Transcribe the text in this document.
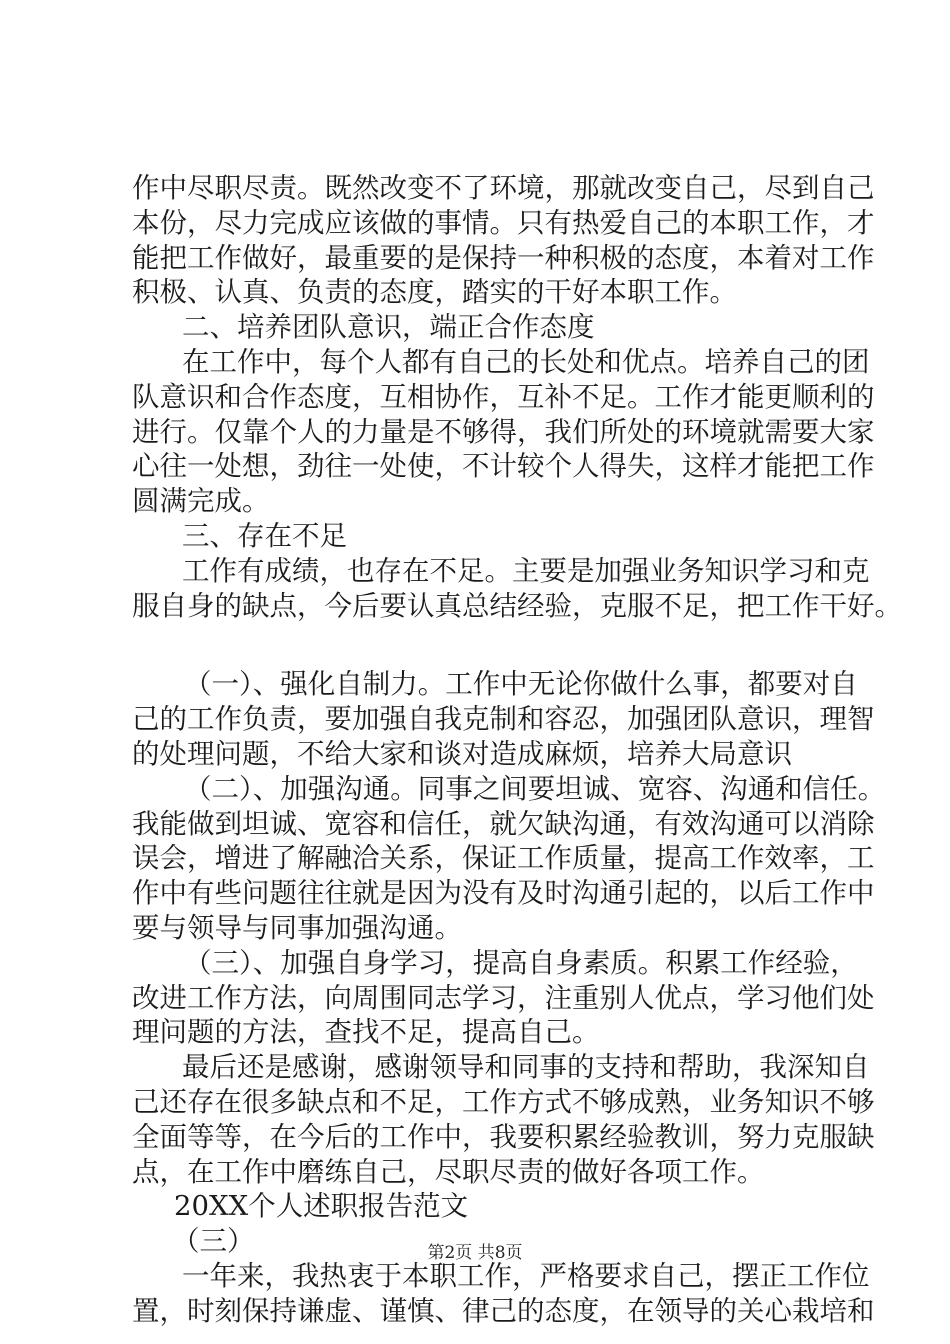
作中尽职尽责。既然改变不了环境，那就改变自己，尽到自己
本份，尽力完成应该做的事情。只有热爱自己的本职工作，才
能把工作做好，最重要的是保持一种积极的态度，本着对工作
积极、认真、负责的态度，踏实的干好本职工作。
二、培养团队意识，端正合作态度
在工作中，每个人都有自己的长处和优点。培养自己的团
队意识和合作态度，互相协作，互补不足。工作才能更顺利的
进行。仅靠个人的力量是不够得，我们所处的环境就需要大家
心往一处想，劲往一处使，不计较个人得失，这样才能把工作
圆满完成。
三、存在不足
工作有成绩，也存在不足。主要是加强业务知识学习和克
服自身的缺点，今后要认真总结经验，克服不足，把工作干好。
（一）、强化自制力。工作中无论你做什么事，都要对自
己的工作负责，要加强自我克制和容忍，加强团队意识，理智
的处理问题，不给大家和谈对造成麻烦，培养大局意识
（二）、加强沟通。同事之间要坦诚、宽容、沟通和信任。
我能做到坦诚、宽容和信任，就欠缺沟通，有效沟通可以消除
误会，增进了解融洽关系，保证工作质量，提高工作效率，工
作中有些问题往往就是因为没有及时沟通引起的，以后工作中
要与领导与同事加强沟通。
（三）、加强自身学习，提高自身素质。积累工作经验，
改进工作方法，向周围同志学习，注重别人优点，学习他们处
理问题的方法，查找不足，提高自己。
最后还是感谢，感谢领导和同事的支持和帮助，我深知自
己还存在很多缺点和不足，工作方式不够成熟，业务知识不够
全面等等，在今后的工作中，我要积累经验教训，努力克服缺
点，在工作中磨练自己，尽职尽责的做好各项工作。
20XX个人述职报告范文
（三）
一年来，我热衷于本职工作，严格要求自己，摆正工作位
置，时刻保持谦虚、谨慎、律己的态度，在领导的关心栽培和
第2页 共8页
